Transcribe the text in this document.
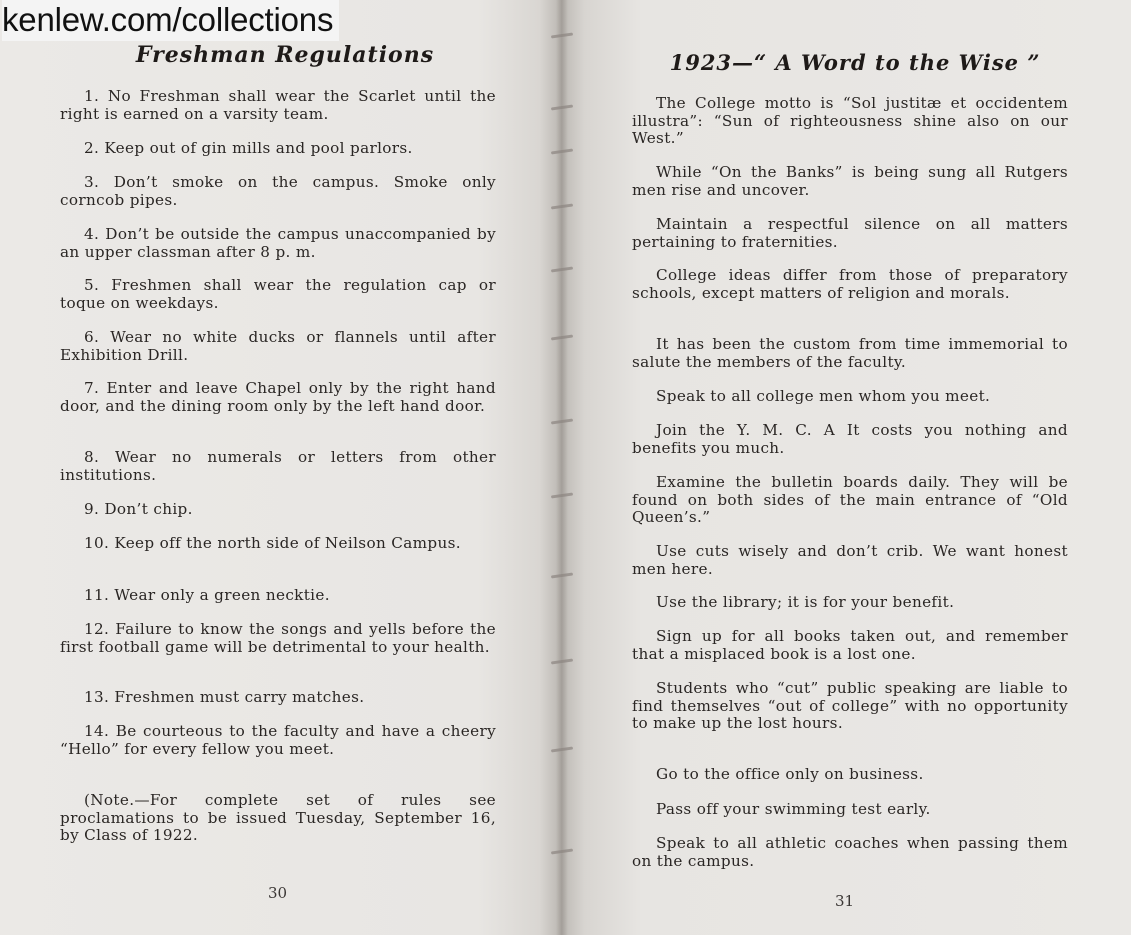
kenlew.com/collections
Freshman Regulations

1. No Freshman shall wear the Scarlet until the right is earned on a varsity team.

2. Keep out of gin mills and pool parlors.

3. Don’t smoke on the campus. Smoke only corncob pipes.

4. Don’t be outside the campus unaccompanied by an upper classman after 8 p. m.

5. Freshmen shall wear the regulation cap or toque on weekdays.

6. Wear no white ducks or flannels until after Exhibition Drill.

7. Enter and leave Chapel only by the right hand door, and the dining room only by the left hand door.

8. Wear no numerals or letters from other institutions.

9. Don’t chip.

10. Keep off the north side of Neilson Campus.

11. Wear only a green necktie.

12. Failure to know the songs and yells before the first football game will be detrimental to your health.

13. Freshmen must carry matches.

14. Be courteous to the faculty and have a cheery “Hello” for every fellow you meet.

(Note.—For complete set of rules see proclamations to be issued Tuesday, September 16, by Class of 1922.

30
1923—“ A Word to the Wise ”

The College motto is “Sol justitæ et occidentem illustra”: “Sun of righteousness shine also on our West.”

While “On the Banks” is being sung all Rutgers men rise and uncover.

Maintain a respectful silence on all matters pertaining to fraternities.

College ideas differ from those of preparatory schools, except matters of religion and morals.

It has been the custom from time immemorial to salute the members of the faculty.

Speak to all college men whom you meet.

Join the Y. M. C. A It costs you nothing and benefits you much.

Examine the bulletin boards daily. They will be found on both sides of the main entrance of “Old Queen’s.”

Use cuts wisely and don’t crib. We want honest men here.

Use the library; it is for your benefit.

Sign up for all books taken out, and remember that a misplaced book is a lost one.

Students who “cut” public speaking are liable to find themselves “out of college” with no opportunity to make up the lost hours.

Go to the office only on business.

Pass off your swimming test early.

Speak to all athletic coaches when passing them on the campus.

31
